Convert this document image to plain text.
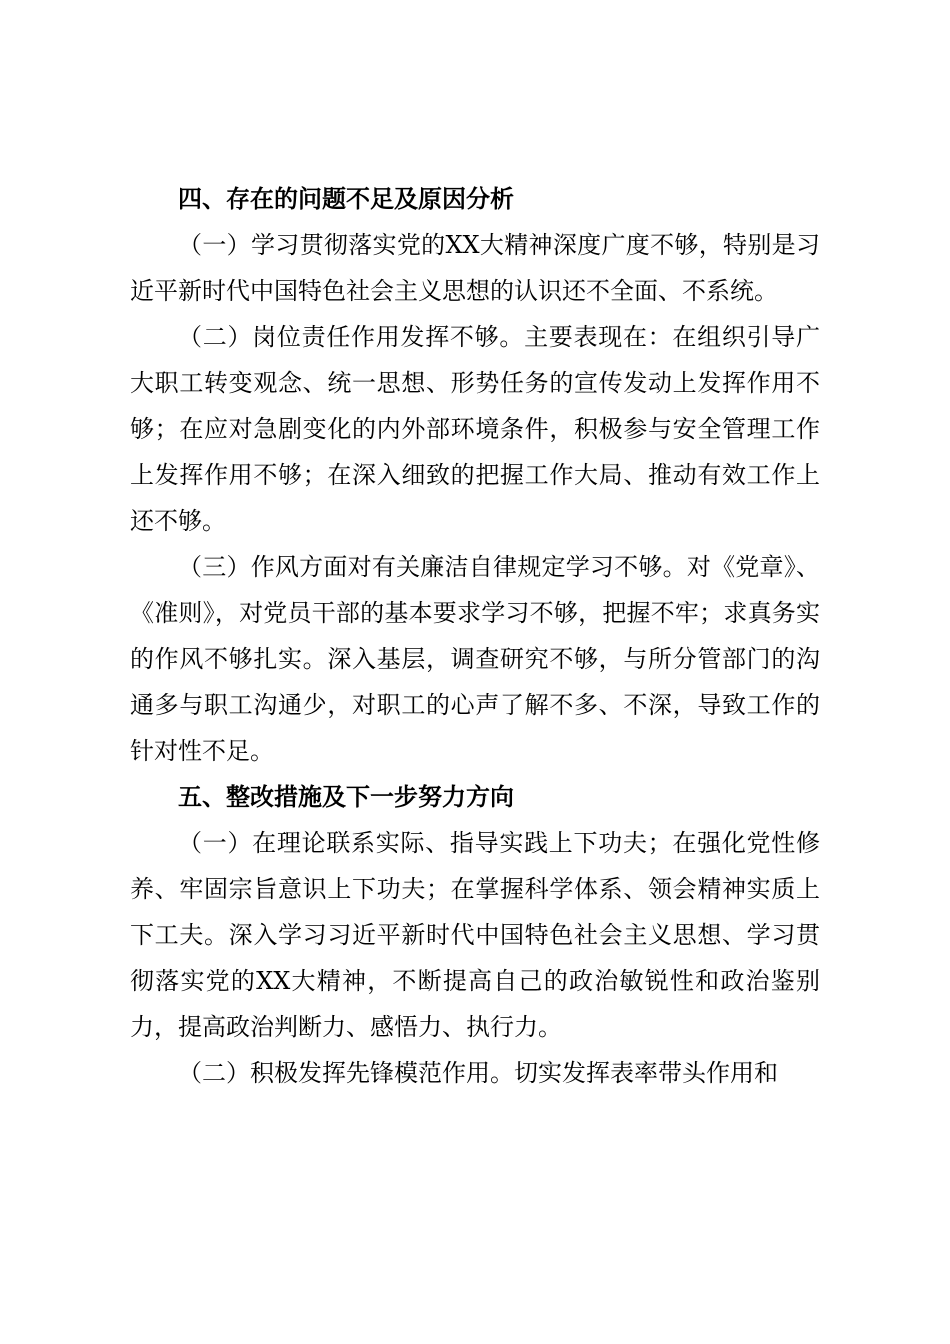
四、存在的问题不足及原因分析

（一）学习贯彻落实党的XX大精神深度广度不够，特别是习近平新时代中国特色社会主义思想的认识还不全面、不系统。

（二）岗位责任作用发挥不够。主要表现在：在组织引导广大职工转变观念、统一思想、形势任务的宣传发动上发挥作用不够；在应对急剧变化的内外部环境条件，积极参与安全管理工作上发挥作用不够；在深入细致的把握工作大局、推动有效工作上还不够。

（三）作风方面对有关廉洁自律规定学习不够。对《党章》、《准则》，对党员干部的基本要求学习不够，把握不牢；求真务实的作风不够扎实。深入基层，调查研究不够，与所分管部门的沟通多与职工沟通少，对职工的心声了解不多、不深，导致工作的针对性不足。

五、整改措施及下一步努力方向

（一）在理论联系实际、指导实践上下功夫；在强化党性修养、牢固宗旨意识上下功夫；在掌握科学体系、领会精神实质上下工夫。深入学习习近平新时代中国特色社会主义思想、学习贯彻落实党的XX大精神，不断提高自己的政治敏锐性和政治鉴别力，提高政治判断力、感悟力、执行力。

（二）积极发挥先锋模范作用。切实发挥表率带头作用和
